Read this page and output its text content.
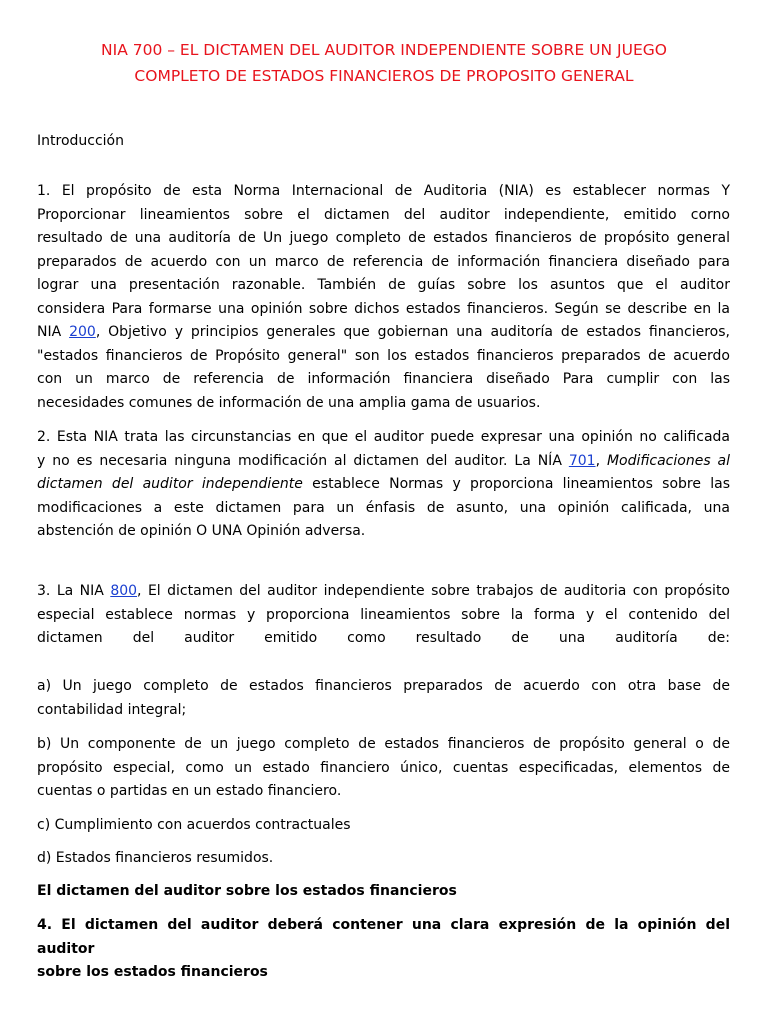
NIA 700 – EL DICTAMEN DEL AUDITOR INDEPENDIENTE SOBRE UN JUEGO
COMPLETO DE ESTADOS FINANCIEROS DE PROPOSITO GENERAL
Introducción
1. El propósito de esta Norma Internacional de Auditoria (NIA) es establecer normas Y
Proporcionar lineamientos sobre el dictamen del auditor independiente, emitido corno
resultado de una auditoría de Un juego completo de estados financieros de propósito general
preparados de acuerdo con un marco de referencia de información financiera diseñado para
lograr una presentación razonable. También de guías sobre los asuntos que el auditor
considera Para formarse una opinión sobre dichos estados financieros. Según se describe en la
NIA 200, Objetivo y principios generales que gobiernan una auditoría de estados financieros,
"estados financieros de Propósito general" son los estados financieros preparados de acuerdo
con un marco de referencia de información financiera diseñado Para cumplir con las
necesidades comunes de información de una amplia gama de usuarios.
2. Esta NIA trata las circunstancias en que el auditor puede expresar una opinión no calificada
y no es necesaria ninguna modificación al dictamen del auditor. La NÍA 701, Modificaciones al
dictamen del auditor independiente establece Normas y proporciona lineamientos sobre las
modificaciones a este dictamen para un énfasis de asunto, una opinión calificada, una
abstención de opinión O UNA Opinión adversa.
3. La NIA 800, El dictamen del auditor independiente sobre trabajos de auditoria con propósito
especial establece normas y proporciona lineamientos sobre la forma y el contenido del
dictamen del auditor emitido como resultado de una auditoría de:
a) Un juego completo de estados financieros preparados de acuerdo con otra base de
contabilidad integral;
b) Un componente de un juego completo de estados financieros de propósito general o de
propósito especial, como un estado financiero único, cuentas especificadas, elementos de
cuentas o partidas en un estado financiero.
c) Cumplimiento con acuerdos contractuales
d) Estados financieros resumidos.
El dictamen del auditor sobre los estados financieros
4. El dictamen del auditor deberá contener una clara expresión de la opinión del auditor
sobre los estados financieros
